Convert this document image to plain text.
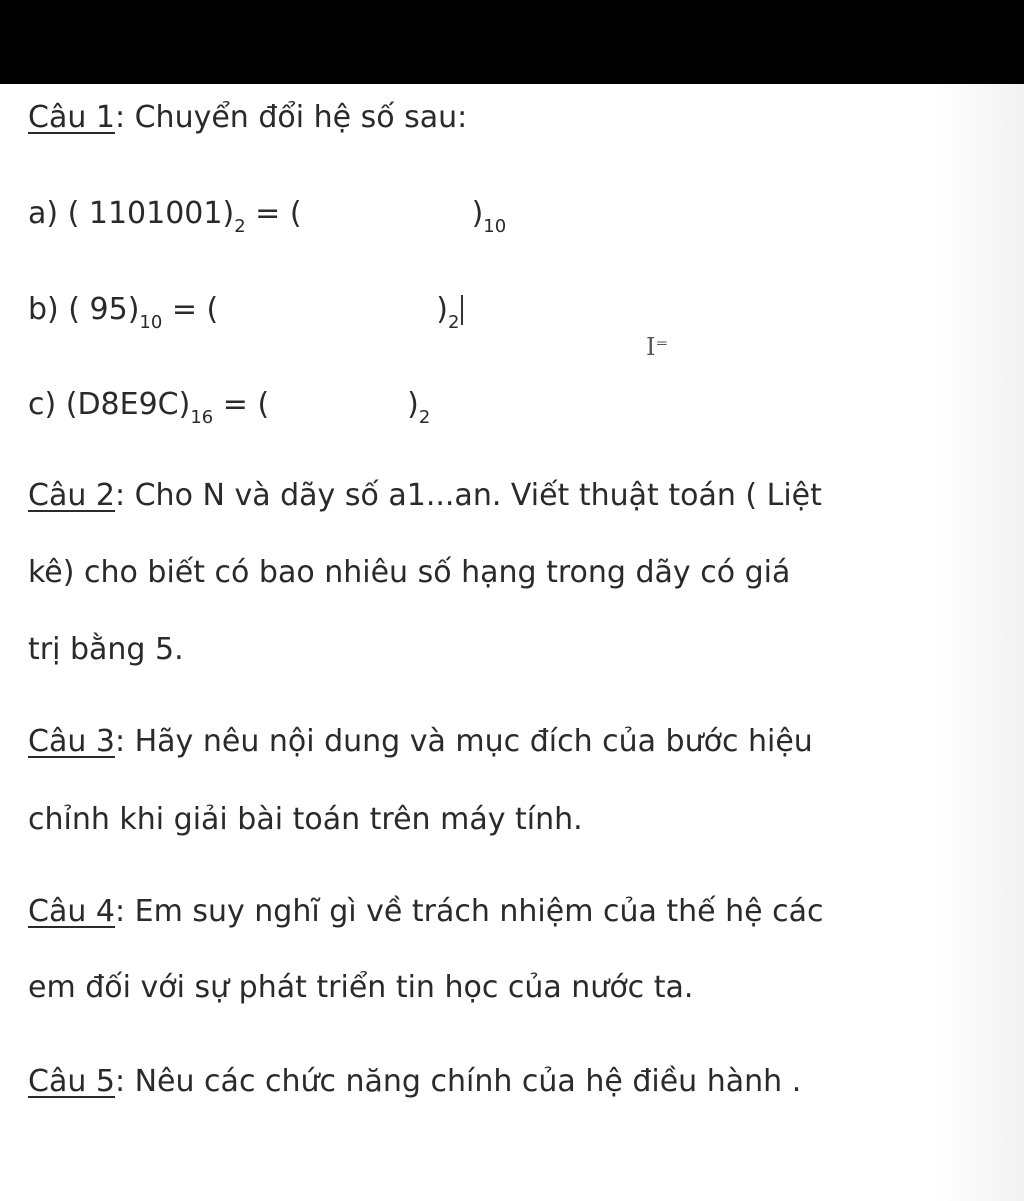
Câu 1: Chuyển đổi hệ số sau:
a) ( $1101001)_2$ = (	)$_{10}$
b) ( $95)_{10}$ = (	)$_2$
I⁼
c) $(D8E9C)_{16}$ = (	)$_2$
Câu 2: Cho N và dãy số a1...an. Viết thuật toán ( Liệt
kê) cho biết có bao nhiêu số hạng trong dãy có giá
trị bằng 5.
Câu 3: Hãy nêu nội dung và mục đích của bước hiệu
chỉnh khi giải bài toán trên máy tính.
Câu 4: Em suy nghĩ gì về trách nhiệm của thế hệ các
em đối với sự phát triển tin học của nước ta.
Câu 5: Nêu các chức năng chính của hệ điều hành .
